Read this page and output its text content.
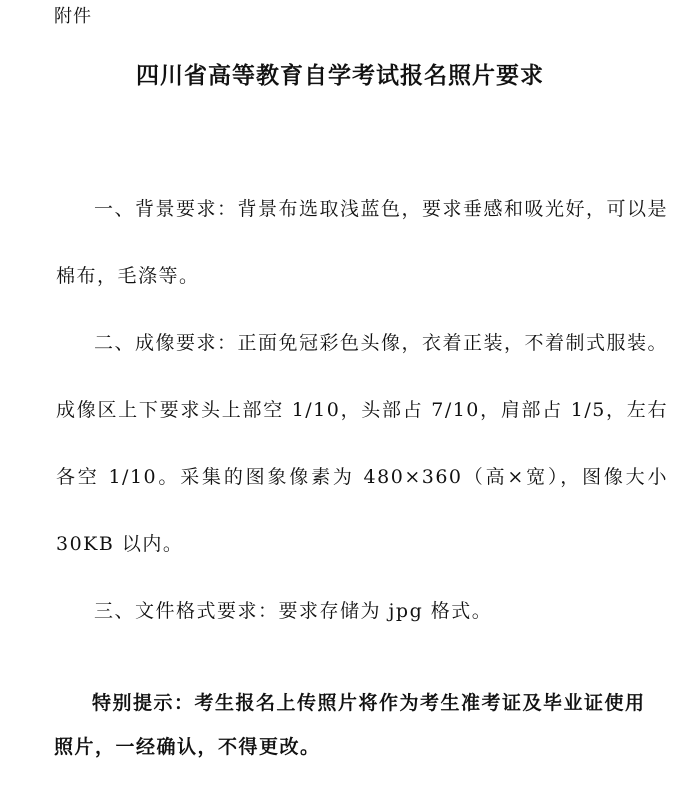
附件
四川省高等教育自学考试报名照片要求
一、背景要求：背景布选取浅蓝色，要求垂感和吸光好，可以是棉布，毛涤等。
二、成像要求：正面免冠彩色头像，衣着正装，不着制式服装。成像区上下要求头上部空 1/10，头部占 7/10，肩部占 1/5，左右各空 1/10。采集的图象像素为 480×360（高×宽），图像大小 30KB 以内。
三、文件格式要求：要求存储为 jpg 格式。
特别提示：考生报名上传照片将作为考生准考证及毕业证使用照片，一经确认，不得更改。
